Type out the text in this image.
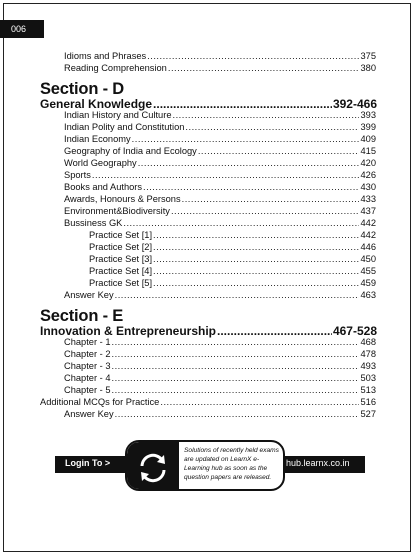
006
Idioms and Phrases .....	375
Reading Comprehension .....	380
Section - D
General Knowledge .....	392-466
Indian History and Culture .....	393
Indian Polity and Constitution .....	399
Indian Economy .....	409
Geography of India and Ecology .....	415
World Geography .....	420
Sports .....	426
Books and Authors .....	430
Awards, Honours & Persons .....	433
Environment&Biodiversity .....	437
Bussiness GK .....	442
Practice Set [1] .....	442
Practice Set [2] .....	446
Practice Set [3] .....	450
Practice Set [4] .....	455
Practice Set [5] .....	459
Answer Key .....	463
Section - E
Innovation & Entrepreneurship .....	467-528
Chapter - 1 .....	468
Chapter - 2 .....	478
Chapter - 3 .....	493
Chapter - 4 .....	503
Chapter - 5 .....	513
Additional MCQs for Practice .....	516
Answer Key .....	527
Login To >	hub.learnx.co.in
Solutions of recently held exams are updated on LearnX e-Learning hub as soon as the question papers are released.
